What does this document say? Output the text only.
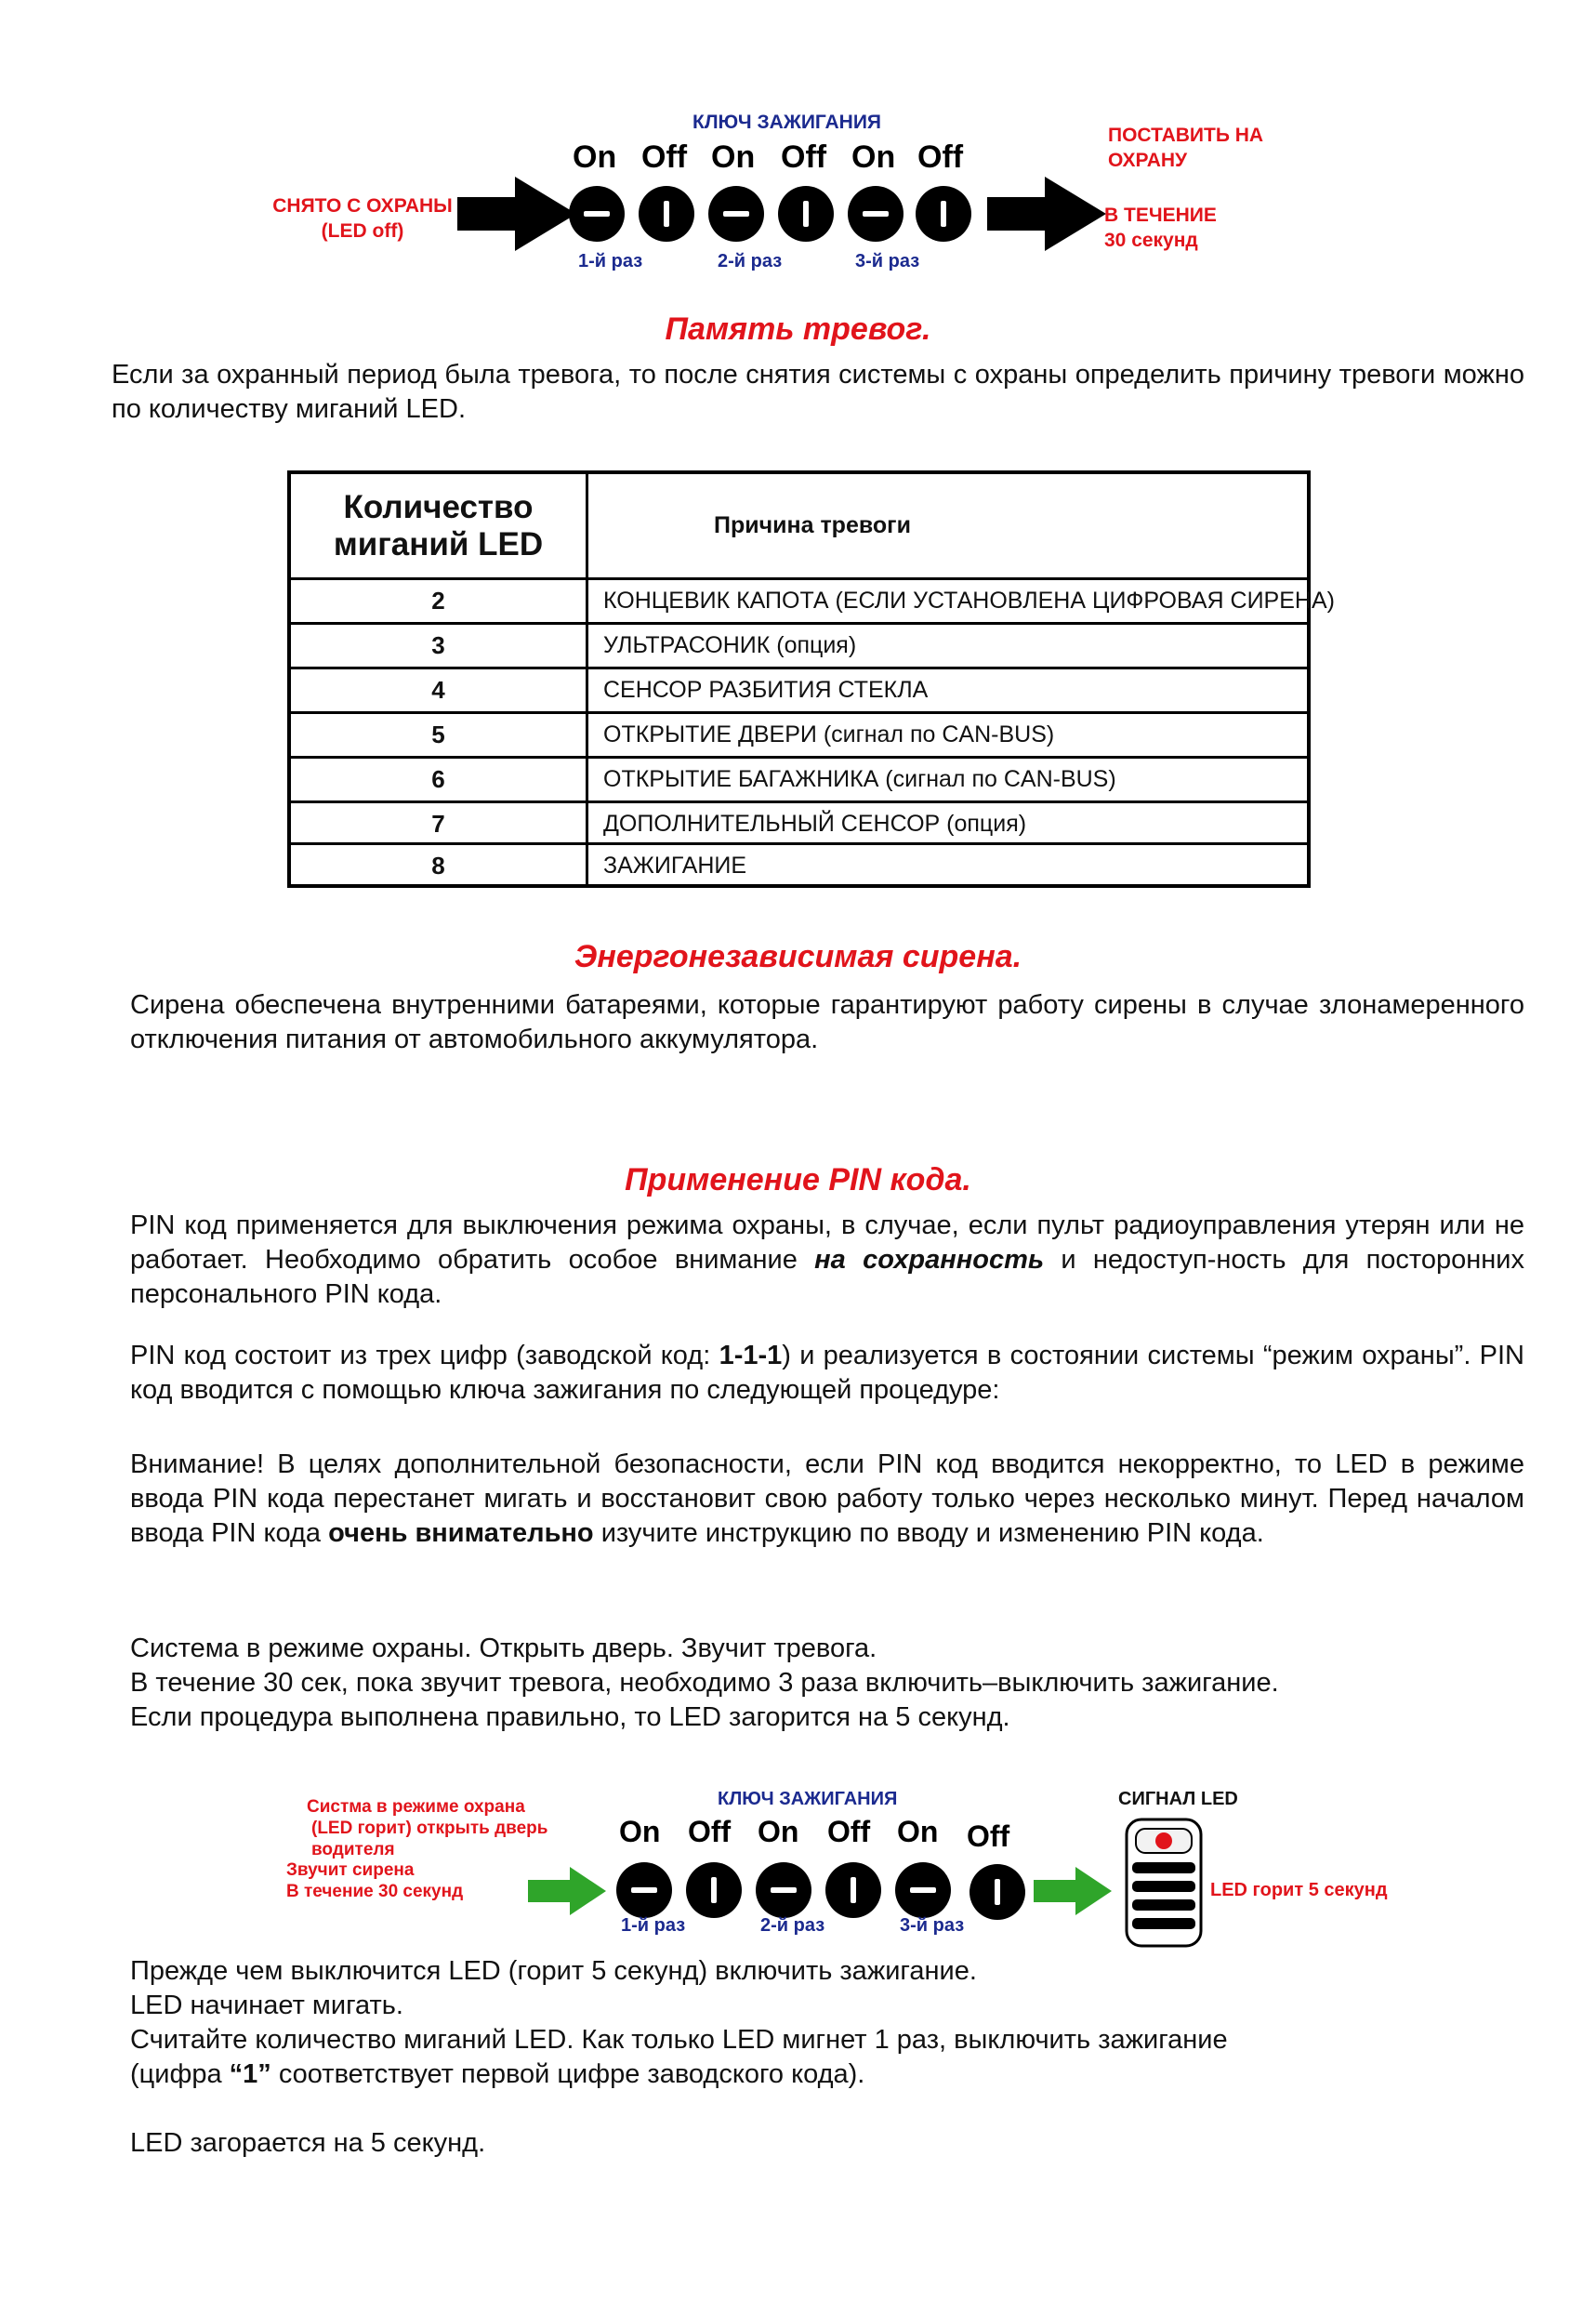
КЛЮЧ ЗАЖИГАНИЯ
СНЯТО С ОХРАНЫ
(LED off)
On Off On Off On Off
1-й раз	2-й раз	3-й раз
ПОСТАВИТЬ НА
ОХРАНУ
В ТЕЧЕНИЕ
30 секунд
Память тревог.
Если за охранный период была тревога, то после снятия системы с охраны определить причину тревоги можно по количеству миганий LED.
Количество
миганий LED
Причина тревоги
2	КОНЦЕВИК КАПОТА (ЕСЛИ УСТАНОВЛЕНА ЦИФРОВАЯ СИРЕНА)
3	УЛЬТРАСОНИК (опция)
4	СЕНСОР РАЗБИТИЯ СТЕКЛА
5	ОТКРЫТИЕ ДВЕРИ (сигнал по CAN-BUS)
6	ОТКРЫТИЕ БАГАЖНИКА (сигнал по CAN-BUS)
7	ДОПОЛНИТЕЛЬНЫЙ СЕНСОР (опция)
8	ЗАЖИГАНИЕ
Энергонезависимая сирена.
Сирена обеспечена внутренними батареями, которые гарантируют работу сирены в случае злонамеренного отключения питания от автомобильного аккумулятора.
Применение PIN кода.
PIN код применяется для выключения режима охраны, в случае, если пульт радиоуправления утерян или не работает. Необходимо обратить особое внимание на сохранность и недоступ-ность для посторонних персонального PIN кода.
PIN код состоит из трех цифр (заводской код: 1-1-1) и реализуется в состоянии системы “режим охраны”. PIN код вводится с помощью ключа зажигания по следующей процедуре:
Внимание! В целях дополнительной безопасности, если PIN код вводится некорректно, то LED в режиме ввода PIN кода перестанет мигать и восстановит свою работу только через несколько минут. Перед началом ввода PIN кода очень внимательно изучите инструкцию по вводу и изменению PIN кода.
Система в режиме охраны. Открыть дверь. Звучит тревога.
В течение 30 сек, пока звучит тревога, необходимо 3 раза включить–выключить зажигание.
Если процедура выполнена правильно, то LED загорится на 5 секунд.
Систма в режиме охрана
(LED горит) открыть дверь
водителя
Звучит сирена
В течение 30 секунд
КЛЮЧ ЗАЖИГАНИЯ
On Off On Off On Off
1-й раз	2-й раз	3-й раз
СИГНАЛ LED
LED горит 5 секунд
Прежде чем выключится LED (горит 5 секунд) включить зажигание.
LED начинает мигать.
Считайте количество миганий LED. Как только LED мигнет 1 раз, выключить зажигание
(цифра “1” соответствует первой цифре заводского кода).
LED загорается на 5 секунд.
